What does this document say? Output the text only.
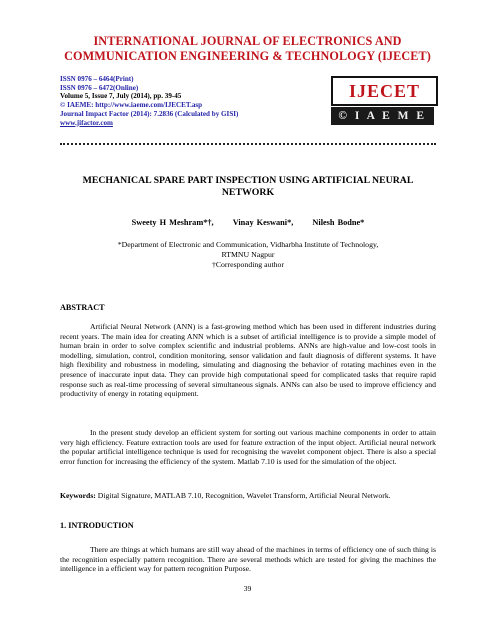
INTERNATIONAL JOURNAL OF ELECTRONICS AND
COMMUNICATION ENGINEERING & TECHNOLOGY (IJECET)
ISSN 0976 – 6464(Print)
ISSN 0976 – 6472(Online)
Volume 5, Issue 7, July (2014), pp. 39-45
© IAEME: http://www.iaeme.com/IJECET.asp
Journal Impact Factor (2014): 7.2836 (Calculated by GISI)
www.jifactor.com
IJECET
© I A E M E
MECHANICAL SPARE PART INSPECTION USING ARTIFICIAL NEURAL
NETWORK
Sweety H Meshram*†, Vinay Keswani*, Nilesh Bodne*
*Department of Electronic and Communication, Vidharbha Institute of Technology,
RTMNU Nagpur
†Corresponding author
ABSTRACT
Artificial Neural Network (ANN) is a fast-growing method which has been used in different industries during recent years. The main idea for creating ANN which is a subset of artificial intelligence is to provide a simple model of human brain in order to solve complex scientific and industrial problems. ANNs are high-value and low-cost tools in modelling, simulation, control, condition monitoring, sensor validation and fault diagnosis of different systems. It have high flexibility and robustness in modeling, simulating and diagnosing the behavior of rotating machines even in the presence of inaccurate input data. They can provide high computational speed for complicated tasks that require rapid response such as real-time processing of several simultaneous signals. ANNs can also be used to improve efficiency and productivity of energy in rotating equipment.
In the present study develop an efficient system for sorting out various machine components in order to attain very high efficiency. Feature extraction tools are used for feature extraction of the input object. Artificial neural network the popular artificial intelligence technique is used for recognising the wavelet component object. There is also a special error function for increasing the efficiency of the system. Matlab 7.10 is used for the simulation of the object.
Keywords: Digital Signature, MATLAB 7.10, Recognition, Wavelet Transform, Artificial Neural Network.
1. INTRODUCTION
There are things at which humans are still way ahead of the machines in terms of efficiency one of such thing is the recognition especially pattern recognition. There are several methods which are tested for giving the machines the intelligence in a efficient way for pattern recognition Purpose.
39
